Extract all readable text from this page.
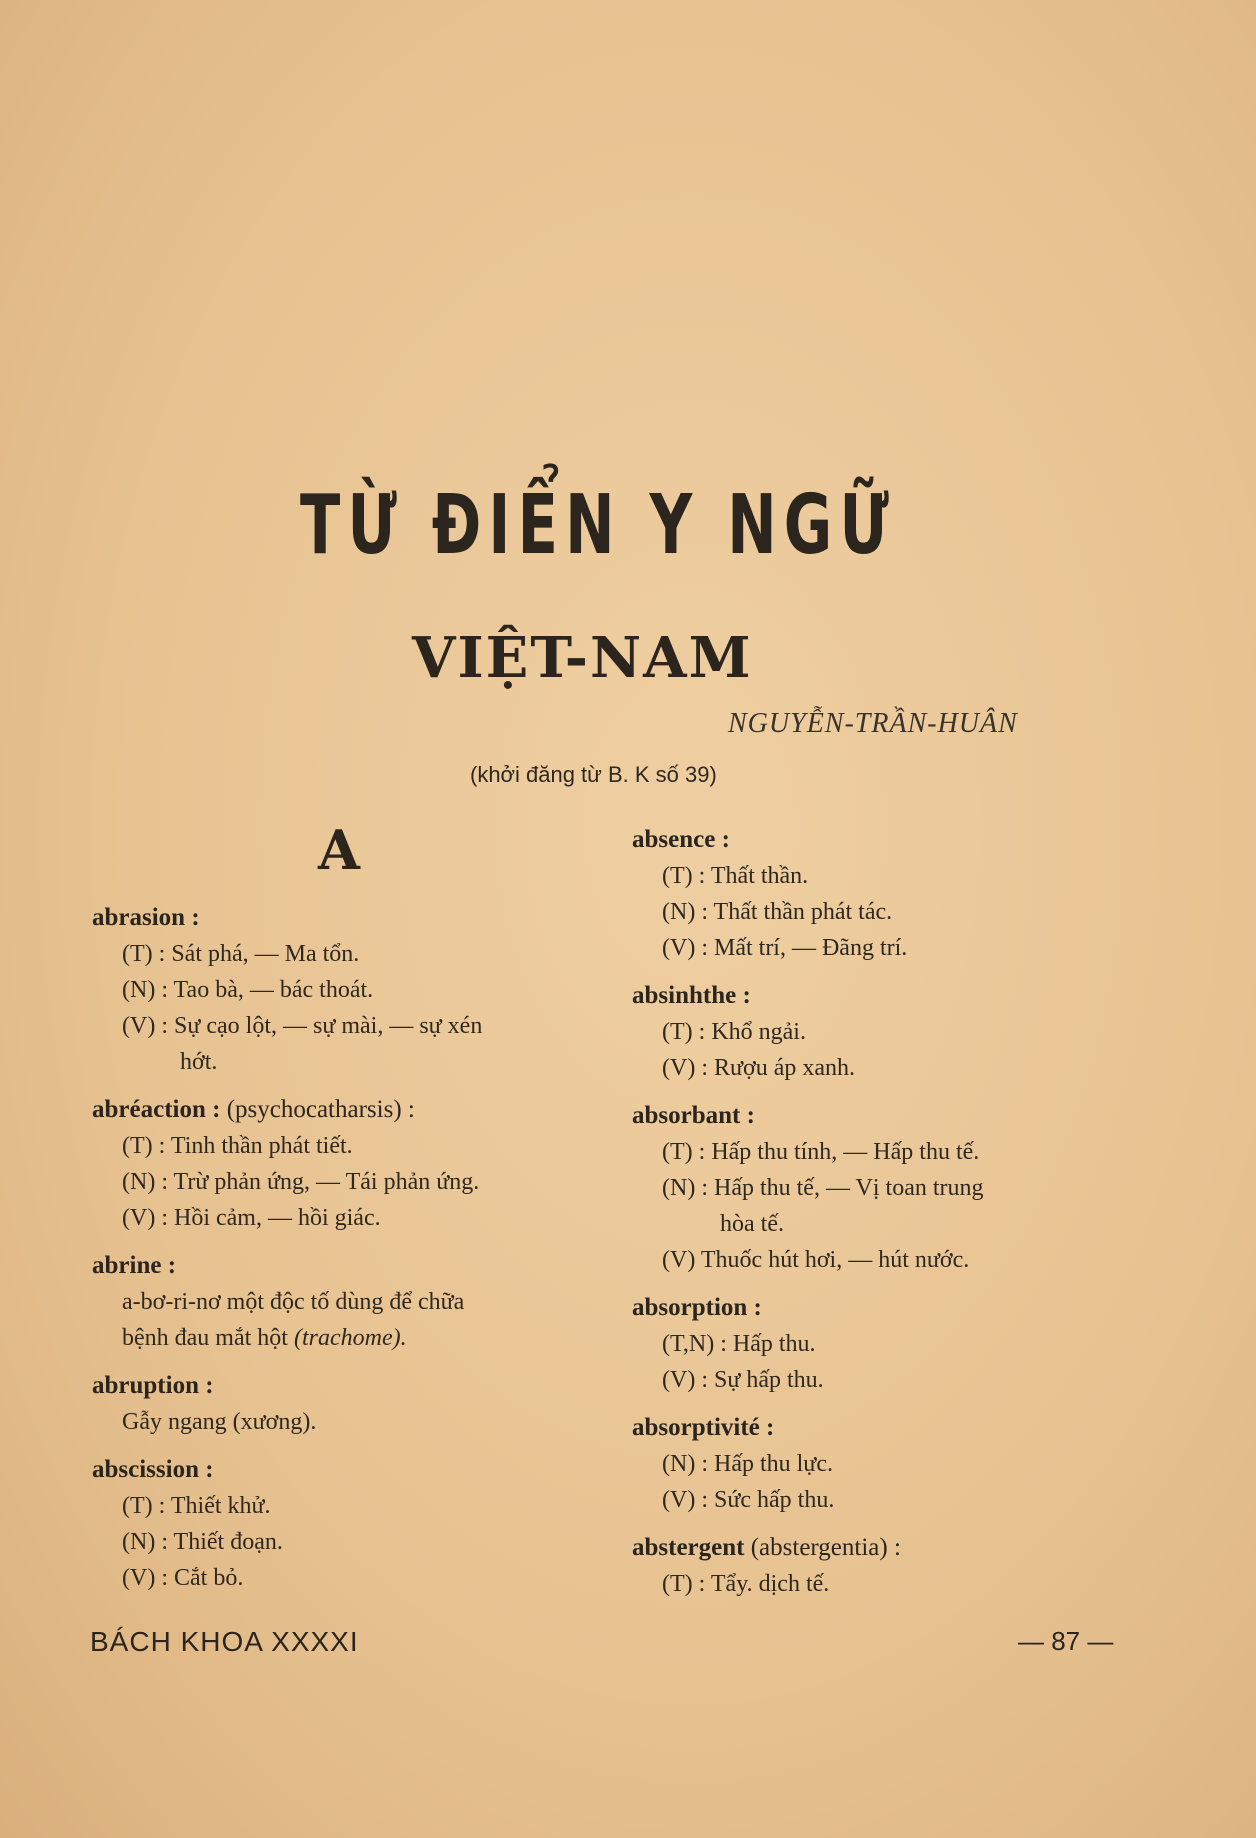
TỪ ĐIỂN Y NGỮ
VIỆT-NAM
NGUYỄN-TRẦN-HUÂN
(khởi đăng từ B. K số 39)
A
abrasion :
(T) : Sát phá, — Ma tổn.
(N) : Tao bà, — bác thoát.
(V) : Sự cạo lột, — sự mài, — sự xén
hớt.
abréaction : (psychocatharsis) :
(T) : Tinh thần phát tiết.
(N) : Trừ phản ứng, — Tái phản ứng.
(V) : Hồi cảm, — hồi giác.
abrine :
a-bơ-ri-nơ một độc tố dùng để chữa
bệnh đau mắt hột (trachome).
abruption :
Gẫy ngang (xương).
abscission :
(T) : Thiết khử.
(N) : Thiết đoạn.
(V) : Cắt bỏ.
absence :
(T) : Thất thần.
(N) : Thất thần phát tác.
(V) : Mất trí, — Đãng trí.
absinhthe :
(T) : Khổ ngải.
(V) : Rượu áp xanh.
absorbant :
(T) : Hấp thu tính, — Hấp thu tế.
(N) : Hấp thu tế, — Vị toan trung
hòa tế.
(V) Thuốc hút hơi, — hút nước.
absorption :
(T,N) : Hấp thu.
(V) : Sự hấp thu.
absorptivité :
(N) : Hấp thu lực.
(V) : Sức hấp thu.
abstergent (abstergentia) :
(T) : Tẩy. dịch tế.
BÁCH KHOA XXXXI	— 87 —
